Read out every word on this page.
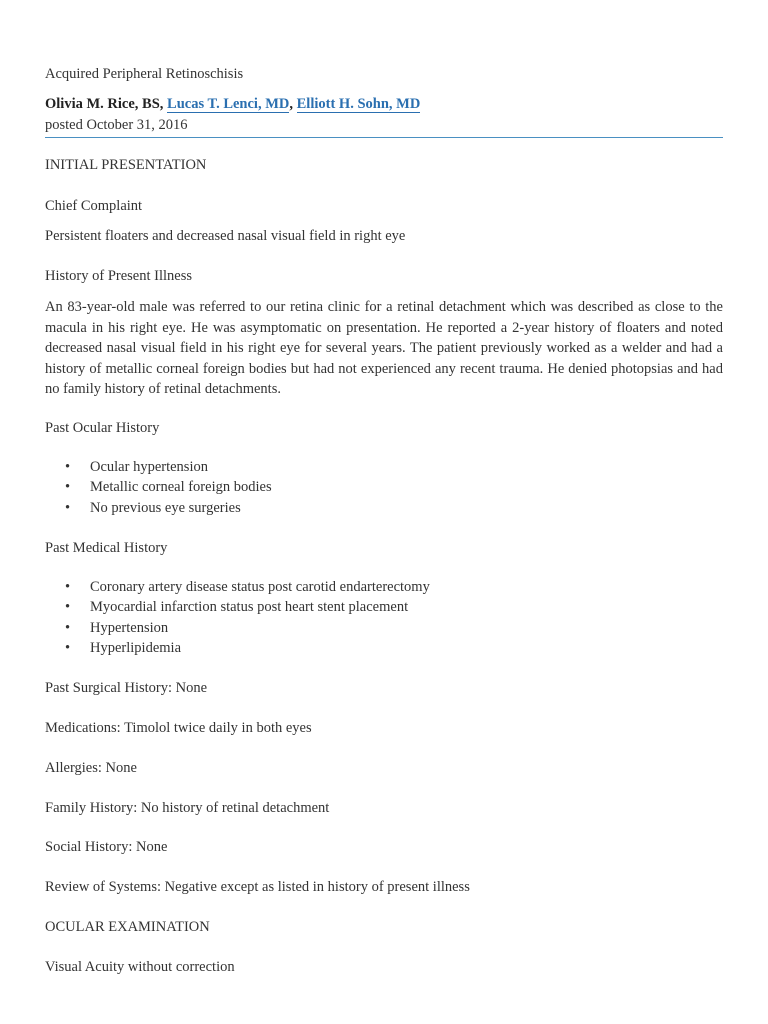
Acquired Peripheral Retinoschisis
Olivia M. Rice, BS, Lucas T. Lenci, MD, Elliott H. Sohn, MD
posted October 31, 2016
INITIAL PRESENTATION
Chief Complaint
Persistent floaters and decreased nasal visual field in right eye
History of Present Illness
An 83-year-old male was referred to our retina clinic for a retinal detachment which was described as close to the macula in his right eye. He was asymptomatic on presentation. He reported a 2-year history of floaters and noted decreased nasal visual field in his right eye for several years. The patient previously worked as a welder and had a history of metallic corneal foreign bodies but had not experienced any recent trauma. He denied photopsias and had no family history of retinal detachments.
Past Ocular History
• Ocular hypertension
• Metallic corneal foreign bodies
• No previous eye surgeries
Past Medical History
• Coronary artery disease status post carotid endarterectomy
• Myocardial infarction status post heart stent placement
• Hypertension
• Hyperlipidemia
Past Surgical History: None
Medications: Timolol twice daily in both eyes
Allergies: None
Family History: No history of retinal detachment
Social History: None
Review of Systems: Negative except as listed in history of present illness
OCULAR EXAMINATION
Visual Acuity without correction
